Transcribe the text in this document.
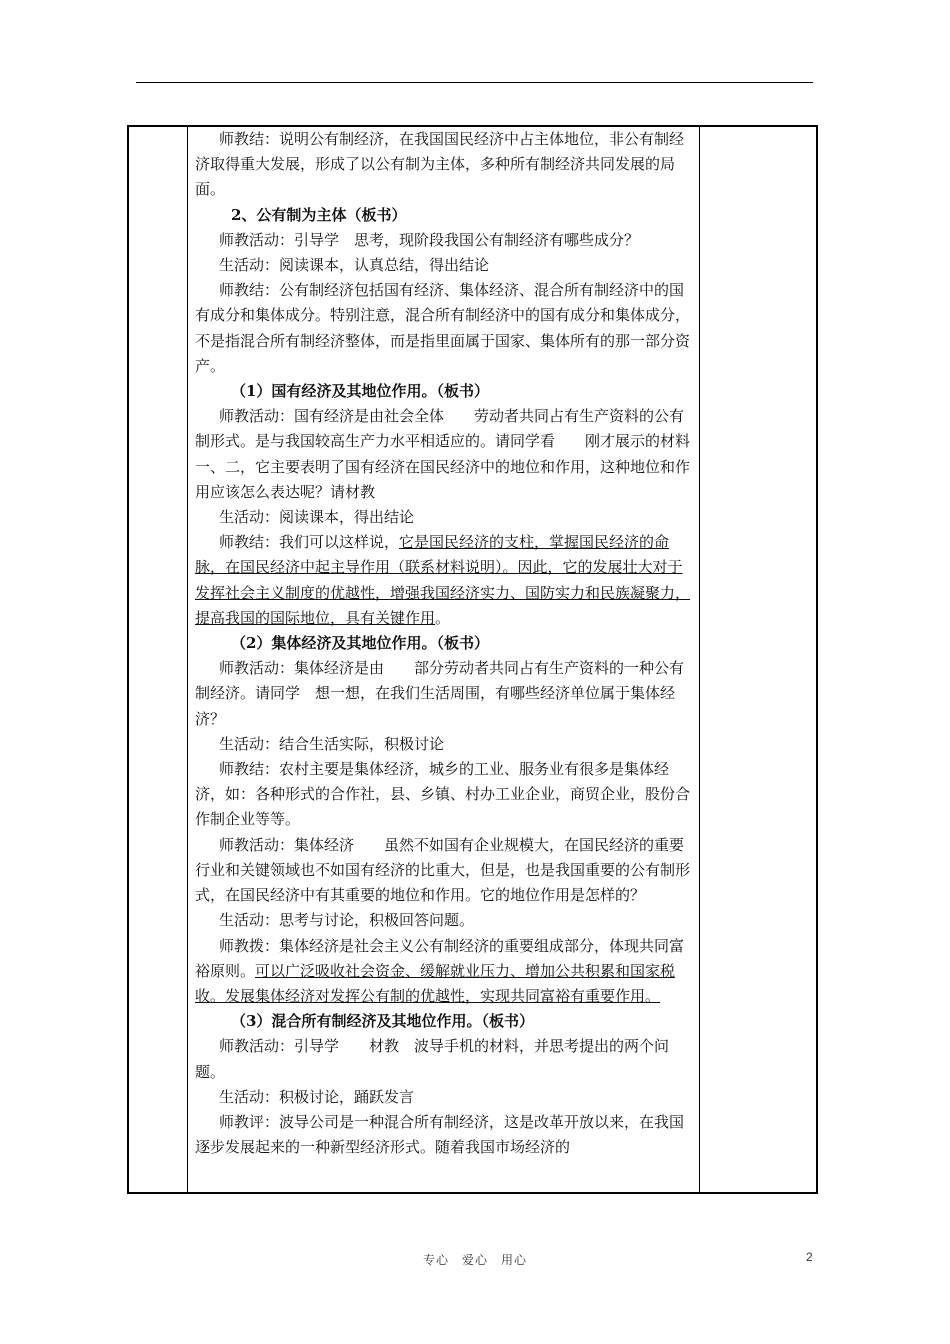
师教结：说明公有制经济，在我国国民经济中占主体地位，非公有制经济取得重大发展，形成了以公有制为主体，多种所有制经济共同发展的局面。

2、公有制为主体（板书）

师教活动：引导学　思考，现阶段我国公有制经济有哪些成分？

生活动：阅读课本，认真总结，得出结论

师教结：公有制经济包括国有经济、集体经济、混合所有制经济中的国有成分和集体成分。特别注意，混合所有制经济中的国有成分和集体成分，不是指混合所有制经济整体，而是指里面属于国家、集体所有的那一部分资产。

（1）国有经济及其地位作用。（板书）

师教活动：国有经济是由社会全体　　劳动者共同占有生产资料的公有制形式。是与我国较高生产力水平相适应的。请同学看　　刚才展示的材料一、二，它主要表明了国有经济在国民经济中的地位和作用，这种地位和作用应该怎么表达呢？请材教

生活动：阅读课本，得出结论

师教结：我们可以这样说，它是国民经济的支柱，掌握国民经济的命脉，在国民经济中起主导作用（联系材料说明）。因此，它的发展壮大对于发挥社会主义制度的优越性，增强我国经济实力、国防实力和民族凝聚力，提高我国的国际地位，具有关键作用。

（2）集体经济及其地位作用。（板书）

师教活动：集体经济是由　　部分劳动者共同占有生产资料的一种公有制经济。请同学　想一想，在我们生活周围，有哪些经济单位属于集体经济？

生活动：结合生活实际，积极讨论

师教结：农村主要是集体经济，城乡的工业、服务业有很多是集体经济，如：各种形式的合作社，县、乡镇、村办工业企业，商贸企业，股份合作制企业等等。

师教活动：集体经济　　虽然不如国有企业规模大，在国民经济的重要行业和关键领域也不如国有经济的比重大，但是，也是我国重要的公有制形式，在国民经济中有其重要的地位和作用。它的地位作用是怎样的？

生活动：思考与讨论，积极回答问题。

师教拨：集体经济是社会主义公有制经济的重要组成部分，体现共同富裕原则。可以广泛吸收社会资金、缓解就业压力、增加公共积累和国家税收。发展集体经济对发挥公有制的优越性，实现共同富裕有重要作用。

（3）混合所有制经济及其地位作用。（板书）

师教活动：引导学　　材教　波导手机的材料，并思考提出的两个问题。

生活动：积极讨论，踊跃发言

师教评：波导公司是一种混合所有制经济，这是改革开放以来，在我国逐步发展起来的一种新型经济形式。随着我国市场经济的

专心　爱心　用心	2
